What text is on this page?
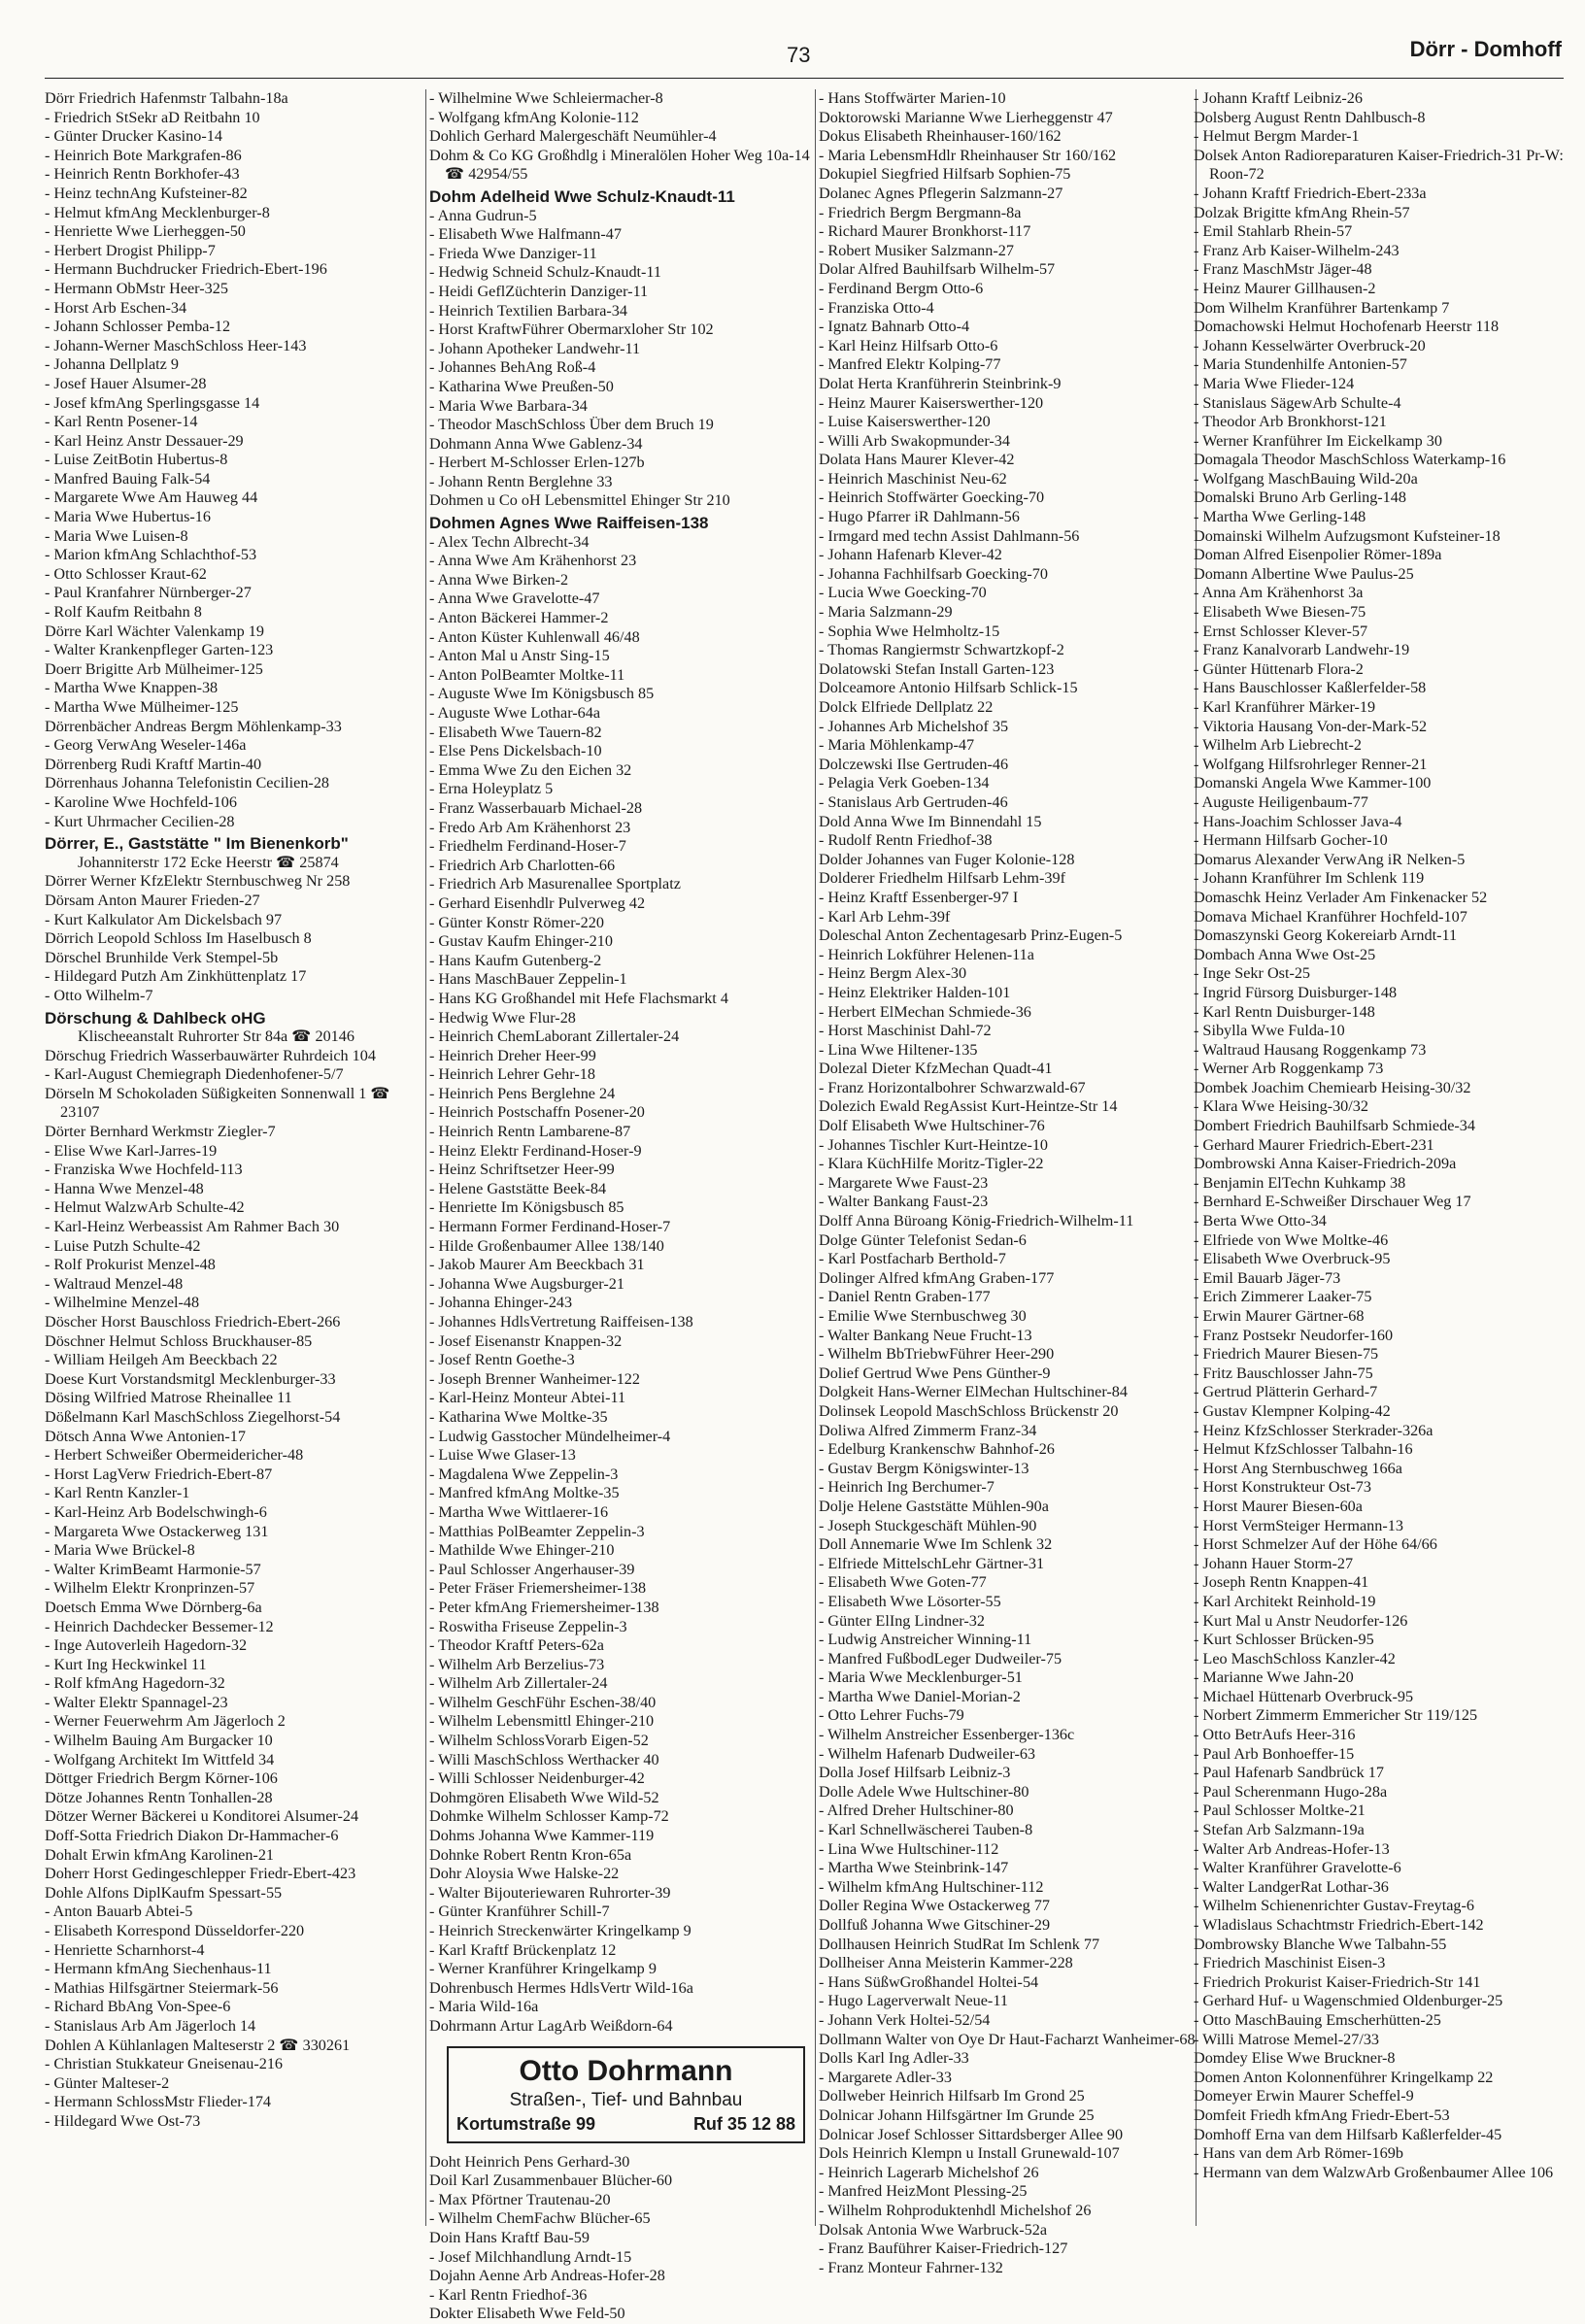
73	Dörr - Domhoff
Dörr Friedrich Hafenmstr Talbahn-18a
- Friedrich StSekr aD Reitbahn 10
- Günter Drucker Kasino-14
- Heinrich Bote Markgrafen-86
- Heinrich Rentn Borkhofer-43
- Heinz technAng Kufsteiner-82
- Helmut kfmAng Mecklenburger-8
- Henriette Wwe Lierheggen-50
- Herbert Drogist Philipp-7
- Hermann Buchdrucker Friedrich-Ebert-196
- Hermann ObMstr Heer-325
- Horst Arb Eschen-34
- Johann Schlosser Pemba-12
- Johann-Werner MaschSchloss Heer-143
- Johanna Dellplatz 9
- Josef Hauer Alsumer-28
- Josef kfmAng Sperlingsgasse 14
- Karl Rentn Posener-14
- Karl Heinz Anstr Dessauer-29
- Luise ZeitBotin Hubertus-8
- Manfred Bauing Falk-54
- Margarete Wwe Am Hauweg 44
- Maria Wwe Hubertus-16
- Maria Wwe Luisen-8
- Marion kfmAng Schlachthof-53
- Otto Schlosser Kraut-62
- Paul Kranfahrer Nürnberger-27
- Rolf Kaufm Reitbahn 8
Dörre Karl Wächter Valenkamp 19
- Walter Krankenpfleger Garten-123
Doerr Brigitte Arb Mülheimer-125
- Martha Wwe Knappen-38
- Martha Wwe Mülheimer-125
Dörrenbächer Andreas Bergm Möhlenkamp-33
- Georg VerwAng Weseler-146a
Dörrenberg Rudi Kraftf Martin-40
Dörrenhaus Johanna Telefonistin Cecilien-28
- Karoline Wwe Hochfeld-106
- Kurt Uhrmacher Cecilien-28
Dörrer, E., Gaststätte " Im Bienenkorb"
Johanniterstr 172 Ecke Heerstr ☎ 25874
Dörrer Werner KfzElektr Sternbuschweg Nr 258
Dörsam Anton Maurer Frieden-27
- Kurt Kalkulator Am Dickelsbach 97
Dörrich Leopold Schloss Im Haselbusch 8
Dörschel Brunhilde Verk Stempel-5b
- Hildegard Putzh Am Zinkhüttenplatz 17
- Otto Wilhelm-7
Dörschung & Dahlbeck oHG
Klischeeanstalt Ruhrorter Str 84a ☎ 20146
Dörschug Friedrich Wasserbauwärter Ruhrdeich 104
- Karl-August Chemiegraph Diedenhofener-5/7
Dörseln M Schokoladen Süßigkeiten Sonnenwall 1 ☎ 23107
Dörter Bernhard Werkmstr Ziegler-7
- Elise Wwe Karl-Jarres-19
- Franziska Wwe Hochfeld-113
- Hanna Wwe Menzel-48
- Helmut WalzwArb Schulte-42
- Karl-Heinz Werbeassist Am Rahmer Bach 30
- Luise Putzh Schulte-42
- Rolf Prokurist Menzel-48
- Waltraud Menzel-48
- Wilhelmine Menzel-48
Döscher Horst Bauschloss Friedrich-Ebert-266
Döschner Helmut Schloss Bruckhauser-85
- William Heilgeh Am Beeckbach 22
Doese Kurt Vorstandsmitgl Mecklenburger-33
Dösing Wilfried Matrose Rheinallee 11
Dößelmann Karl MaschSchloss Ziegelhorst-54
Dötsch Anna Wwe Antonien-17
- Herbert Schweißer Obermeidericher-48
- Horst LagVerw Friedrich-Ebert-87
- Karl Rentn Kanzler-1
- Karl-Heinz Arb Bodelschwingh-6
- Margareta Wwe Ostackerweg 131
- Maria Wwe Brückel-8
- Walter KrimBeamt Harmonie-57
- Wilhelm Elektr Kronprinzen-57
Doetsch Emma Wwe Dörnberg-6a
- Heinrich Dachdecker Bessemer-12
- Inge Autoverleih Hagedorn-32
- Kurt Ing Heckwinkel 11
- Rolf kfmAng Hagedorn-32
- Walter Elektr Spannagel-23
- Werner Feuerwehrm Am Jägerloch 2
- Wilhelm Bauing Am Burgacker 10
- Wolfgang Architekt Im Wittfeld 34
Döttger Friedrich Bergm Körner-106
Dötze Johannes Rentn Tonhallen-28
Dötzer Werner Bäckerei u Konditorei Alsumer-24
Doff-Sotta Friedrich Diakon Dr-Hammacher-6
Dohalt Erwin kfmAng Karolinen-21
Doherr Horst Gedingeschlepper Friedr-Ebert-423
Dohle Alfons DiplKaufm Spessart-55
- Anton Bauarb Abtei-5
- Elisabeth Korrespond Düsseldorfer-220
- Henriette Scharnhorst-4
- Hermann kfmAng Siechenhaus-11
- Mathias Hilfsgärtner Steiermark-56
- Richard BbAng Von-Spee-6
- Stanislaus Arb Am Jägerloch 14
Dohlen A Kühlanlagen Malteserstr 2 ☎ 330261
- Christian Stukkateur Gneisenau-216
- Günter Malteser-2
- Hermann SchlossMstr Flieder-174
- Hildegard Wwe Ost-73
- Wilhelmine Wwe Schleiermacher-8
- Wolfgang kfmAng Kolonie-112
Dohlich Gerhard Malergeschäft Neumühler-4
Dohm & Co KG Großhdlg i Mineralölen Hoher Weg 10a-14 ☎ 42954/55
Dohm Adelheid Wwe Schulz-Knaudt-11
- Anna Gudrun-5
- Elisabeth Wwe Halfmann-47
- Frieda Wwe Danziger-11
- Hedwig Schneid Schulz-Knaudt-11
- Heidi GeflZüchterin Danziger-11
- Heinrich Textilien Barbara-34
- Horst KraftwFührer Obermarxloher Str 102
- Johann Apotheker Landwehr-11
- Johannes BehAng Roß-4
- Katharina Wwe Preußen-50
- Maria Wwe Barbara-34
- Theodor MaschSchloss Über dem Bruch 19
Dohmann Anna Wwe Gablenz-34
- Herbert M-Schlosser Erlen-127b
- Johann Rentn Berglehne 33
Dohmen u Co oH Lebensmittel Ehinger Str 210
Dohmen Agnes Wwe Raiffeisen-138
- Alex Techn Albrecht-34
- Anna Wwe Am Krähenhorst 23
- Anna Wwe Birken-2
- Anna Wwe Gravelotte-47
- Anton Bäckerei Hammer-2
- Anton Küster Kuhlenwall 46/48
- Anton Mal u Anstr Sing-15
- Anton PolBeamter Moltke-11
- Auguste Wwe Im Königsbusch 85
- Auguste Wwe Lothar-64a
- Elisabeth Wwe Tauern-82
- Else Pens Dickelsbach-10
- Emma Wwe Zu den Eichen 32
- Erna Holeyplatz 5
- Franz Wasserbauarb Michael-28
- Fredo Arb Am Krähenhorst 23
- Friedhelm Ferdinand-Hoser-7
- Friedrich Arb Charlotten-66
- Friedrich Arb Masurenallee Sportplatz
- Gerhard Eisenhdlr Pulverweg 42
- Günter Konstr Römer-220
- Gustav Kaufm Ehinger-210
- Hans Kaufm Gutenberg-2
- Hans MaschBauer Zeppelin-1
- Hans KG Großhandel mit Hefe Flachsmarkt 4
- Hedwig Wwe Flur-28
- Heinrich ChemLaborant Zillertaler-24
- Heinrich Dreher Heer-99
- Heinrich Lehrer Gehr-18
- Heinrich Pens Berglehne 24
- Heinrich Postschaffn Posener-20
- Heinrich Rentn Lambarene-87
- Heinz Elektr Ferdinand-Hoser-9
- Heinz Schriftsetzer Heer-99
- Helene Gaststätte Beek-84
- Henriette Im Königsbusch 85
- Hermann Former Ferdinand-Hoser-7
- Hilde Großenbaumer Allee 138/140
- Jakob Maurer Am Beeckbach 31
- Johanna Wwe Augsburger-21
- Johanna Ehinger-243
- Johannes HdlsVertretung Raiffeisen-138
- Josef Eisenanstr Knappen-32
- Josef Rentn Goethe-3
- Joseph Brenner Wanheimer-122
- Karl-Heinz Monteur Abtei-11
- Katharina Wwe Moltke-35
- Ludwig Gasstocher Mündelheimer-4
- Luise Wwe Glaser-13
- Magdalena Wwe Zeppelin-3
- Manfred kfmAng Moltke-35
- Martha Wwe Wittlaerer-16
- Matthias PolBeamter Zeppelin-3
- Mathilde Wwe Ehinger-210
- Paul Schlosser Angerhauser-39
- Peter Fräser Friemersheimer-138
- Peter kfmAng Friemersheimer-138
- Roswitha Friseuse Zeppelin-3
- Theodor Kraftf Peters-62a
- Wilhelm Arb Berzelius-73
- Wilhelm Arb Zillertaler-24
- Wilhelm GeschFühr Eschen-38/40
- Wilhelm Lebensmittl Ehinger-210
- Wilhelm SchlossVorarb Eigen-52
- Willi MaschSchloss Werthacker 40
- Willi Schlosser Neidenburger-42
Dohmgören Elisabeth Wwe Wild-52
Dohmke Wilhelm Schlosser Kamp-72
Dohms Johanna Wwe Kammer-119
Dohnke Robert Rentn Kron-65a
Dohr Aloysia Wwe Halske-22
- Walter Bijouteriewaren Ruhrorter-39
- Günter Kranführer Schill-7
- Heinrich Streckenwärter Kringelkamp 9
- Karl Kraftf Brückenplatz 12
- Werner Kranführer Kringelkamp 9
Dohrenbusch Hermes HdlsVertr Wild-16a
- Maria Wild-16a
Dohrmann Artur LagArb Weißdorn-64
Otto Dohrmann
Straßen-, Tief- und Bahnbau
Kortumstraße 99	Ruf 35 12 88
Doht Heinrich Pens Gerhard-30
Doil Karl Zusammenbauer Blücher-60
- Max Pförtner Trautenau-20
- Wilhelm ChemFachw Blücher-65
Doin Hans Kraftf Bau-59
- Josef Milchhandlung Arndt-15
Dojahn Aenne Arb Andreas-Hofer-28
- Karl Rentn Friedhof-36
Dokter Elisabeth Wwe Feld-50
- Hans Stoffwärter Marien-10
Doktorowski Marianne Wwe Lierheggenstr 47
Dokus Elisabeth Rheinhauser-160/162
- Maria LebensmHdlr Rheinhauser Str 160/162
Dokupiel Siegfried Hilfsarb Sophien-75
Dolanec Agnes Pflegerin Salzmann-27
- Friedrich Bergm Bergmann-8a
- Richard Maurer Bronkhorst-117
- Robert Musiker Salzmann-27
Dolar Alfred Bauhilfsarb Wilhelm-57
- Ferdinand Bergm Otto-6
- Franziska Otto-4
- Ignatz Bahnarb Otto-4
- Karl Heinz Hilfsarb Otto-6
- Manfred Elektr Kolping-77
Dolat Herta Kranführerin Steinbrink-9
- Heinz Maurer Kaiserswerther-120
- Luise Kaiserswerther-120
- Willi Arb Swakopmunder-34
Dolata Hans Maurer Klever-42
- Heinrich Maschinist Neu-62
- Heinrich Stoffwärter Goecking-70
- Hugo Pfarrer iR Dahlmann-56
- Irmgard med techn Assist Dahlmann-56
- Johann Hafenarb Klever-42
- Johanna Fachhilfsarb Goecking-70
- Lucia Wwe Goecking-70
- Maria Salzmann-29
- Sophia Wwe Helmholtz-15
- Thomas Rangiermstr Schwartzkopf-2
Dolatowski Stefan Install Garten-123
Dolceamore Antonio Hilfsarb Schlick-15
Dolck Elfriede Dellplatz 22
- Johannes Arb Michelshof 35
- Maria Möhlenkamp-47
Dolczewski Ilse Gertruden-46
- Pelagia Verk Goeben-134
- Stanislaus Arb Gertruden-46
Dold Anna Wwe Im Binnendahl 15
- Rudolf Rentn Friedhof-38
Dolder Johannes van Fuger Kolonie-128
Dolderer Friedhelm Hilfsarb Lehm-39f
- Heinz Kraftf Essenberger-97 I
- Karl Arb Lehm-39f
Doleschal Anton Zechentagesarb Prinz-Eugen-5
- Heinrich Lokführer Helenen-11a
- Heinz Bergm Alex-30
- Heinz Elektriker Halden-101
- Herbert ElMechan Schmiede-36
- Horst Maschinist Dahl-72
- Lina Wwe Hiltener-135
Dolezal Dieter KfzMechan Quadt-41
- Franz Horizontalbohrer Schwarzwald-67
Dolezich Ewald RegAssist Kurt-Heintze-Str 14
Dolf Elisabeth Wwe Hultschiner-76
- Johannes Tischler Kurt-Heintze-10
- Klara KüchHilfe Moritz-Tigler-22
- Margarete Wwe Faust-23
- Walter Bankang Faust-23
Dolff Anna Büroang König-Friedrich-Wilhelm-11
Dolge Günter Telefonist Sedan-6
- Karl Postfacharb Berthold-7
Dolinger Alfred kfmAng Graben-177
- Daniel Rentn Graben-177
- Emilie Wwe Sternbuschweg 30
- Walter Bankang Neue Frucht-13
- Wilhelm BbTriebwFührer Heer-290
Dolief Gertrud Wwe Pens Günther-9
Dolgkeit Hans-Werner ElMechan Hultschiner-84
Dolinsek Leopold MaschSchloss Brückenstr 20
Doliwa Alfred Zimmerm Franz-34
- Edelburg Krankenschw Bahnhof-26
- Gustav Bergm Königswinter-13
- Heinrich Ing Berchumer-7
Dolje Helene Gaststätte Mühlen-90a
- Joseph Stuckgeschäft Mühlen-90
Doll Annemarie Wwe Im Schlenk 32
- Elfriede MittelschLehr Gärtner-31
- Elisabeth Wwe Goten-77
- Elisabeth Wwe Lösorter-55
- Günter ElIng Lindner-32
- Ludwig Anstreicher Winning-11
- Manfred FußbodLeger Dudweiler-75
- Maria Wwe Mecklenburger-51
- Martha Wwe Daniel-Morian-2
- Otto Lehrer Fuchs-79
- Wilhelm Anstreicher Essenberger-136c
- Wilhelm Hafenarb Dudweiler-63
Dolla Josef Hilfsarb Leibniz-3
Dolle Adele Wwe Hultschiner-80
- Alfred Dreher Hultschiner-80
- Karl Schnellwäscherei Tauben-8
- Lina Wwe Hultschiner-112
- Martha Wwe Steinbrink-147
- Wilhelm kfmAng Hultschiner-112
Doller Regina Wwe Ostackerweg 77
Dollfuß Johanna Wwe Gitschiner-29
Dollhausen Heinrich StudRat Im Schlenk 77
Dollheiser Anna Meisterin Kammer-228
- Hans SüßwGroßhandel Holtei-54
- Hugo Lagerverwalt Neue-11
- Johann Verk Holtei-52/54
Dollmann Walter von Oye Dr Haut-Facharzt Wanheimer-68
Dolls Karl Ing Adler-33
- Margarete Adler-33
Dollweber Heinrich Hilfsarb Im Grond 25
Dolnicar Johann Hilfsgärtner Im Grunde 25
Dolnicar Josef Schlosser Sittardsberger Allee 90
Dols Heinrich Klempn u Install Grunewald-107
- Heinrich Lagerarb Michelshof 26
- Manfred HeizMont Plessing-25
- Wilhelm Rohproduktenhdl Michelshof 26
Dolsak Antonia Wwe Warbruck-52a
- Franz Bauführer Kaiser-Friedrich-127
- Franz Monteur Fahrner-132
- Johann Kraftf Leibniz-26
Dolsberg August Rentn Dahlbusch-8
- Helmut Bergm Marder-1
Dolsek Anton Radioreparaturen Kaiser-Friedrich-31 Pr-W: Roon-72
- Johann Kraftf Friedrich-Ebert-233a
Dolzak Brigitte kfmAng Rhein-57
- Emil Stahlarb Rhein-57
- Franz Arb Kaiser-Wilhelm-243
- Franz MaschMstr Jäger-48
- Heinz Maurer Gillhausen-2
Dom Wilhelm Kranführer Bartenkamp 7
Domachowski Helmut Hochofenarb Heerstr 118
- Johann Kesselwärter Overbruck-20
- Maria Stundenhilfe Antonien-57
- Maria Wwe Flieder-124
- Stanislaus SägewArb Schulte-4
- Theodor Arb Bronkhorst-121
- Werner Kranführer Im Eickelkamp 30
Domagala Theodor MaschSchloss Waterkamp-16
- Wolfgang MaschBauing Wild-20a
Domalski Bruno Arb Gerling-148
- Martha Wwe Gerling-148
Domainski Wilhelm Aufzugsmont Kufsteiner-18
Doman Alfred Eisenpolier Römer-189a
Domann Albertine Wwe Paulus-25
- Anna Am Krähenhorst 3a
- Elisabeth Wwe Biesen-75
- Ernst Schlosser Klever-57
- Franz Kanalvorarb Landwehr-19
- Günter Hüttenarb Flora-2
- Hans Bauschlosser Kaßlerfelder-58
- Karl Kranführer Märker-19
- Viktoria Hausang Von-der-Mark-52
- Wilhelm Arb Liebrecht-2
- Wolfgang Hilfsrohrleger Renner-21
Domanski Angela Wwe Kammer-100
- Auguste Heiligenbaum-77
- Hans-Joachim Schlosser Java-4
- Hermann Hilfsarb Gocher-10
Domarus Alexander VerwAng iR Nelken-5
- Johann Kranführer Im Schlenk 119
Domaschk Heinz Verlader Am Finkenacker 52
Domava Michael Kranführer Hochfeld-107
Domaszynski Georg Kokereiarb Arndt-11
Dombach Anna Wwe Ost-25
- Inge Sekr Ost-25
- Ingrid Fürsorg Duisburger-148
- Karl Rentn Duisburger-148
- Sibylla Wwe Fulda-10
- Waltraud Hausang Roggenkamp 73
- Werner Arb Roggenkamp 73
Dombek Joachim Chemiearb Heising-30/32
- Klara Wwe Heising-30/32
Dombert Friedrich Bauhilfsarb Schmiede-34
- Gerhard Maurer Friedrich-Ebert-231
Dombrowski Anna Kaiser-Friedrich-209a
- Benjamin ElTechn Kuhkamp 38
- Bernhard E-Schweißer Dirschauer Weg 17
- Berta Wwe Otto-34
- Elfriede von Wwe Moltke-46
- Elisabeth Wwe Overbruck-95
- Emil Bauarb Jäger-73
- Erich Zimmerer Laaker-75
- Erwin Maurer Gärtner-68
- Franz Postsekr Neudorfer-160
- Friedrich Maurer Biesen-75
- Fritz Bauschlosser Jahn-75
- Gertrud Plätterin Gerhard-7
- Gustav Klempner Kolping-42
- Heinz KfzSchlosser Sterkrader-326a
- Helmut KfzSchlosser Talbahn-16
- Horst Ang Sternbuschweg 166a
- Horst Konstrukteur Ost-73
- Horst Maurer Biesen-60a
- Horst VermSteiger Hermann-13
- Horst Schmelzer Auf der Höhe 64/66
- Johann Hauer Storm-27
- Joseph Rentn Knappen-41
- Karl Architekt Reinhold-19
- Kurt Mal u Anstr Neudorfer-126
- Kurt Schlosser Brücken-95
- Leo MaschSchloss Kanzler-42
- Marianne Wwe Jahn-20
- Michael Hüttenarb Overbruck-95
- Norbert Zimmerm Emmericher Str 119/125
- Otto BetrAufs Heer-316
- Paul Arb Bonhoeffer-15
- Paul Hafenarb Sandbrück 17
- Paul Scherenmann Hugo-28a
- Paul Schlosser Moltke-21
- Stefan Arb Salzmann-19a
- Walter Arb Andreas-Hofer-13
- Walter Kranführer Gravelotte-6
- Walter LandgerRat Lothar-36
- Wilhelm Schienenrichter Gustav-Freytag-6
- Wladislaus Schachtmstr Friedrich-Ebert-142
Dombrowsky Blanche Wwe Talbahn-55
- Friedrich Maschinist Eisen-3
- Friedrich Prokurist Kaiser-Friedrich-Str 141
- Gerhard Huf- u Wagenschmied Oldenburger-25
- Otto MaschBauing Emscherhütten-25
- Willi Matrose Memel-27/33
Domdey Elise Wwe Bruckner-8
Domen Anton Kolonnenführer Kringelkamp 22
Domeyer Erwin Maurer Scheffel-9
Domfeit Friedh kfmAng Friedr-Ebert-53
Domhoff Erna van dem Hilfsarb Kaßlerfelder-45
- Hans van dem Arb Römer-169b
- Hermann van dem WalzwArb Großenbaumer Allee 106
